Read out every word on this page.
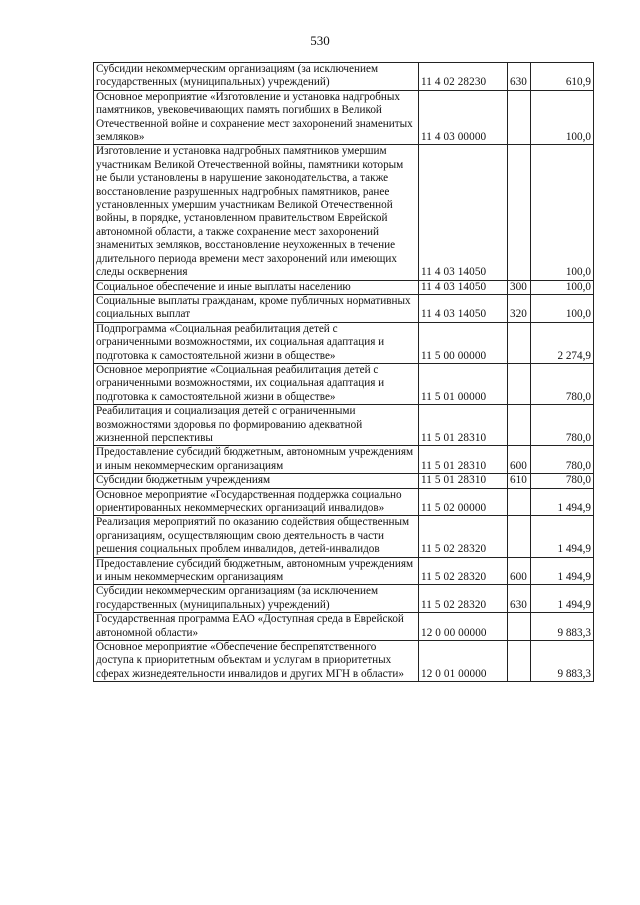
530
Субсидии некоммерческим организациям (за исключением государственных (муниципальных) учреждений)	11 4 02 28230	630	610,9
Основное мероприятие «Изготовление и установка надгробных памятников, увековечивающих память погибших в Великой Отечественной войне и сохранение мест захоронений знаменитых земляков»	11 4 03 00000		100,0
Изготовление и установка надгробных памятников умершим участникам Великой Отечественной войны, памятники которым не были установлены в нарушение законодательства, а также восстановление разрушенных надгробных памятников, ранее установленных умершим участникам Великой Отечественной войны, в порядке, установленном правительством Еврейской автономной области, а также сохранение мест захоронений знаменитых земляков, восстановление неухоженных в течение длительного периода времени мест захоронений или имеющих следы осквернения	11 4 03 14050		100,0
Социальное обеспечение и иные выплаты населению	11 4 03 14050	300	100,0
Социальные выплаты гражданам, кроме публичных нормативных социальных выплат	11 4 03 14050	320	100,0
Подпрограмма «Социальная реабилитация детей с ограниченными возможностями, их социальная адаптация и подготовка к самостоятельной жизни в обществе»	11 5 00 00000		2 274,9
Основное мероприятие «Социальная реабилитация детей с ограниченными возможностями, их социальная адаптация и подготовка к самостоятельной жизни в обществе»	11 5 01 00000		780,0
Реабилитация и социализация детей с ограниченными возможностями здоровья по формированию адекватной жизненной перспективы	11 5 01 28310		780,0
Предоставление субсидий бюджетным, автономным учреждениям и иным некоммерческим организациям	11 5 01 28310	600	780,0
Субсидии бюджетным учреждениям	11 5 01 28310	610	780,0
Основное мероприятие «Государственная поддержка социально ориентированных некоммерческих организаций инвалидов»	11 5 02 00000		1 494,9
Реализация мероприятий по оказанию содействия общественным организациям, осуществляющим свою деятельность в части решения социальных проблем инвалидов, детей-инвалидов	11 5 02 28320		1 494,9
Предоставление субсидий бюджетным, автономным учреждениям и иным некоммерческим организациям	11 5 02 28320	600	1 494,9
Субсидии некоммерческим организациям (за исключением государственных (муниципальных) учреждений)	11 5 02 28320	630	1 494,9
Государственная программа ЕАО «Доступная среда в Еврейской автономной области»	12 0 00 00000		9 883,3
Основное мероприятие «Обеспечение беспрепятственного доступа к приоритетным объектам и услугам в приоритетных сферах жизнедеятельности инвалидов и других МГН в области»	12 0 01 00000		9 883,3
